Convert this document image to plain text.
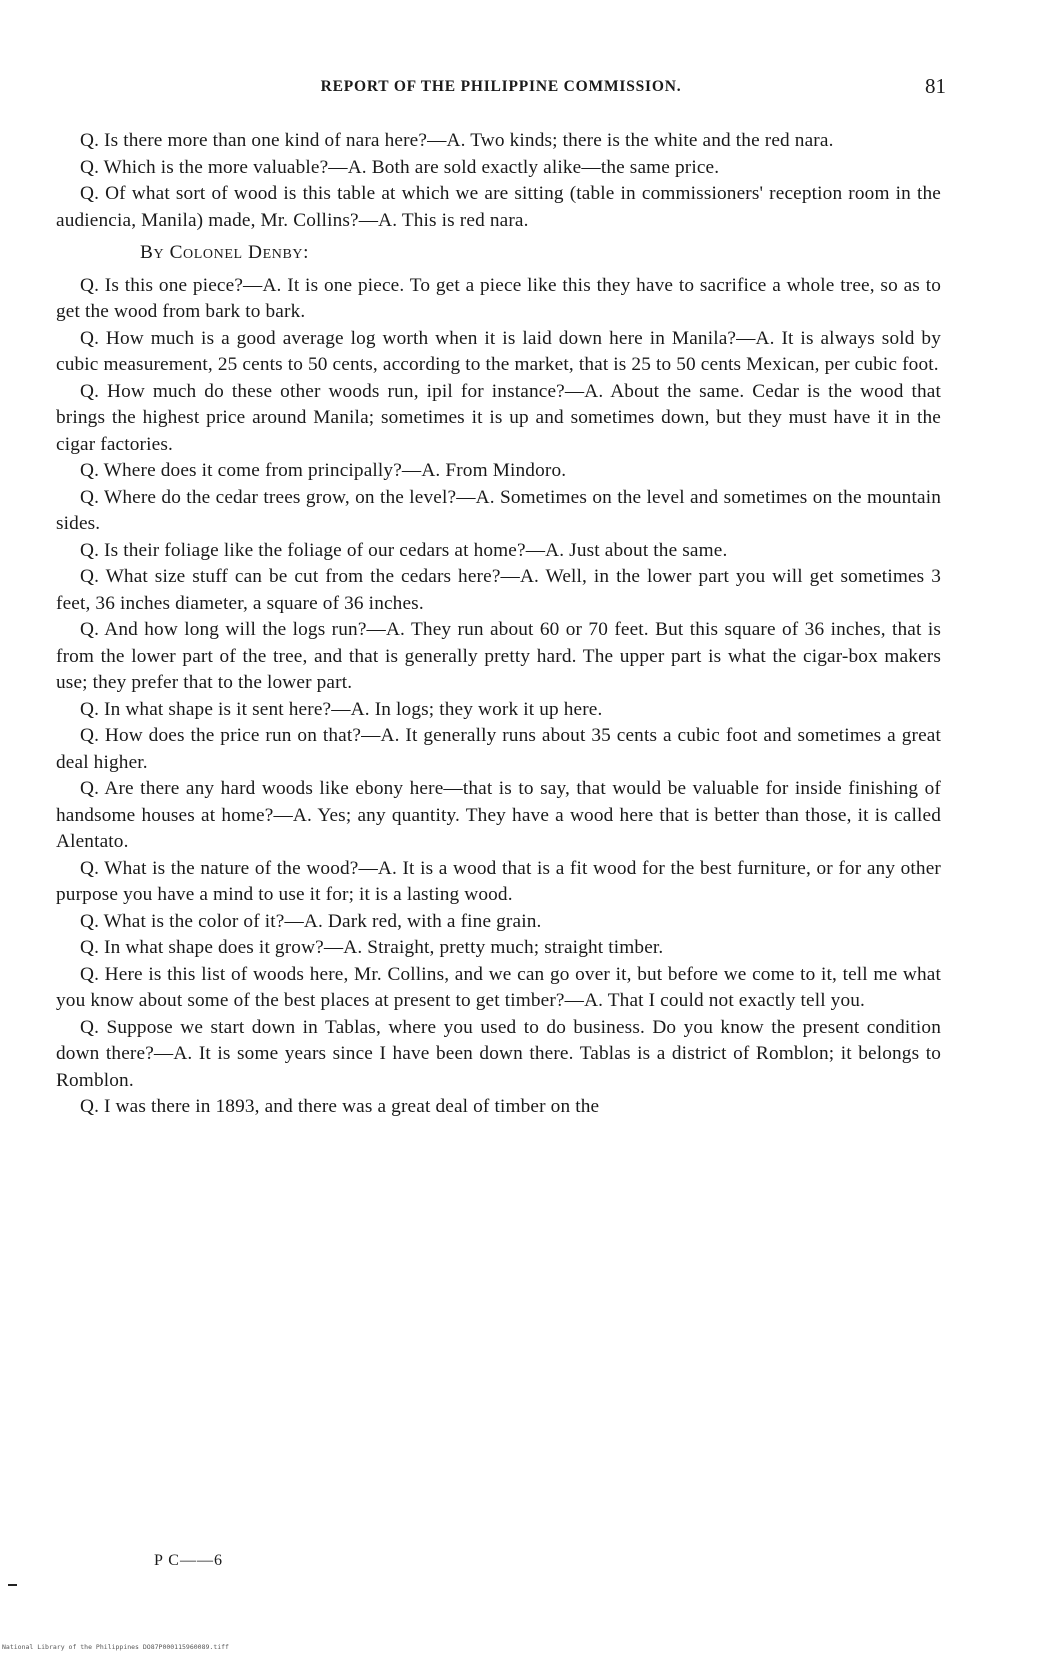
REPORT OF THE PHILIPPINE COMMISSION.	81

Q. Is there more than one kind of nara here?—A. Two kinds; there is the white and the red nara.

Q. Which is the more valuable?—A. Both are sold exactly alike—the same price.

Q. Of what sort of wood is this table at which we are sitting (table in commissioners' reception room in the audiencia, Manila) made, Mr. Collins?—A. This is red nara.

By Colonel Denby:

Q. Is this one piece?—A. It is one piece. To get a piece like this they have to sacrifice a whole tree, so as to get the wood from bark to bark.

Q. How much is a good average log worth when it is laid down here in Manila?—A. It is always sold by cubic measurement, 25 cents to 50 cents, according to the market, that is 25 to 50 cents Mexican, per cubic foot.

Q. How much do these other woods run, ipil for instance?—A. About the same. Cedar is the wood that brings the highest price around Manila; sometimes it is up and sometimes down, but they must have it in the cigar factories.

Q. Where does it come from principally?—A. From Mindoro.

Q. Where do the cedar trees grow, on the level?—A. Sometimes on the level and sometimes on the mountain sides.

Q. Is their foliage like the foliage of our cedars at home?—A. Just about the same.

Q. What size stuff can be cut from the cedars here?—A. Well, in the lower part you will get sometimes 3 feet, 36 inches diameter, a square of 36 inches.

Q. And how long will the logs run?—A. They run about 60 or 70 feet. But this square of 36 inches, that is from the lower part of the tree, and that is generally pretty hard. The upper part is what the cigar-box makers use; they prefer that to the lower part.

Q. In what shape is it sent here?—A. In logs; they work it up here.

Q. How does the price run on that?—A. It generally runs about 35 cents a cubic foot and sometimes a great deal higher.

Q. Are there any hard woods like ebony here—that is to say, that would be valuable for inside finishing of handsome houses at home?—A. Yes; any quantity. They have a wood here that is better than those, it is called Alentato.

Q. What is the nature of the wood?—A. It is a wood that is a fit wood for the best furniture, or for any other purpose you have a mind to use it for; it is a lasting wood.

Q. What is the color of it?—A. Dark red, with a fine grain.

Q. In what shape does it grow?—A. Straight, pretty much; straight timber.

Q. Here is this list of woods here, Mr. Collins, and we can go over it, but before we come to it, tell me what you know about some of the best places at present to get timber?—A. That I could not exactly tell you.

Q. Suppose we start down in Tablas, where you used to do business. Do you know the present condition down there?—A. It is some years since I have been down there. Tablas is a district of Romblon; it belongs to Romblon.

Q. I was there in 1893, and there was a great deal of timber on the

P C——6
National Library of the Philippines DO87P000115960089.tiff
